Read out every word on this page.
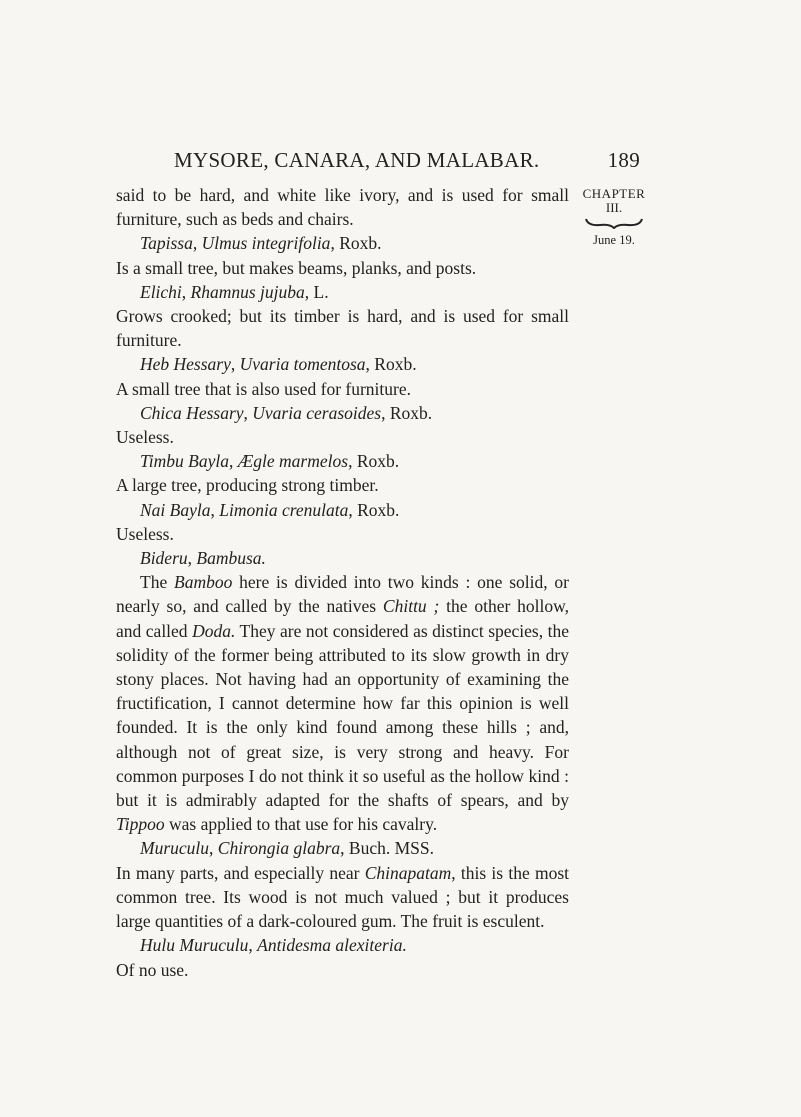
MYSORE, CANARA, AND MALABAR.	189
CHAPTER
III.
June 19.

said to be hard, and white like ivory, and is used for small furniture, such as beds and chairs.

Tapissa, Ulmus integrifolia, Roxb.

Is a small tree, but makes beams, planks, and posts.

Elichi, Rhamnus jujuba, L.

Grows crooked; but its timber is hard, and is used for small furniture.

Heb Hessary, Uvaria tomentosa, Roxb.

A small tree that is also used for furniture.

Chica Hessary, Uvaria cerasoides, Roxb.

Useless.

Timbu Bayla, Ægle marmelos, Roxb.

A large tree, producing strong timber.

Nai Bayla, Limonia crenulata, Roxb.

Useless.

Bideru, Bambusa.

The Bamboo here is divided into two kinds : one solid, or nearly so, and called by the natives Chittu ; the other hollow, and called Doda. They are not considered as distinct species, the solidity of the former being attributed to its slow growth in dry stony places. Not having had an opportunity of examining the fructification, I cannot determine how far this opinion is well founded. It is the only kind found among these hills ; and, although not of great size, is very strong and heavy. For common purposes I do not think it so useful as the hollow kind : but it is admirably adapted for the shafts of spears, and by Tippoo was applied to that use for his cavalry.

Muruculu, Chirongia glabra, Buch. MSS.

In many parts, and especially near Chinapatam, this is the most common tree. Its wood is not much valued ; but it produces large quantities of a dark-coloured gum. The fruit is esculent.

Hulu Muruculu, Antidesma alexiteria.

Of no use.
